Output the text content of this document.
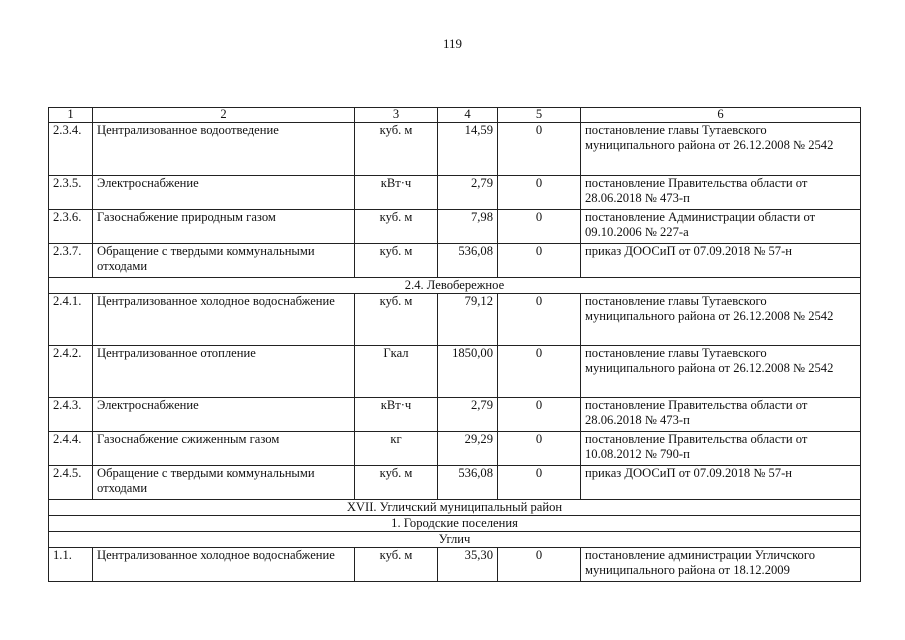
119
1	2	3	4	5	6
2.3.4.	Централизованное водоотведение	куб. м	14,59	0	постановление главы Тутаевского муниципального района от 26.12.2008 № 2542
2.3.5.	Электроснабжение	кВт·ч	2,79	0	постановление Правительства области от 28.06.2018 № 473-п
2.3.6.	Газоснабжение природным газом	куб. м	7,98	0	постановление Администрации области от 09.10.2006 № 227-а
2.3.7.	Обращение с твердыми коммунальными отходами	куб. м	536,08	0	приказ ДООСиП от 07.09.2018 № 57-н
2.4. Левобережное					
2.4.1.	Централизованное холодное водоснабжение	куб. м	79,12	0	постановление главы Тутаевского муниципального района от 26.12.2008 № 2542
2.4.2.	Централизованное отопление	Гкал	1850,00	0	постановление главы Тутаевского муниципального района от 26.12.2008 № 2542
2.4.3.	Электроснабжение	кВт·ч	2,79	0	постановление Правительства области от 28.06.2018 № 473-п
2.4.4.	Газоснабжение сжиженным газом	кг	29,29	0	постановление Правительства области от 10.08.2012 № 790-п
2.4.5.	Обращение с твердыми коммунальными отходами	куб. м	536,08	0	приказ ДООСиП от 07.09.2018 № 57-н
XVII. Угличский муниципальный район					
1. Городские поселения					
Углич					
1.1.	Централизованное холодное водоснабжение	куб. м	35,30	0	постановление администрации Угличского муниципального района от 18.12.2009
